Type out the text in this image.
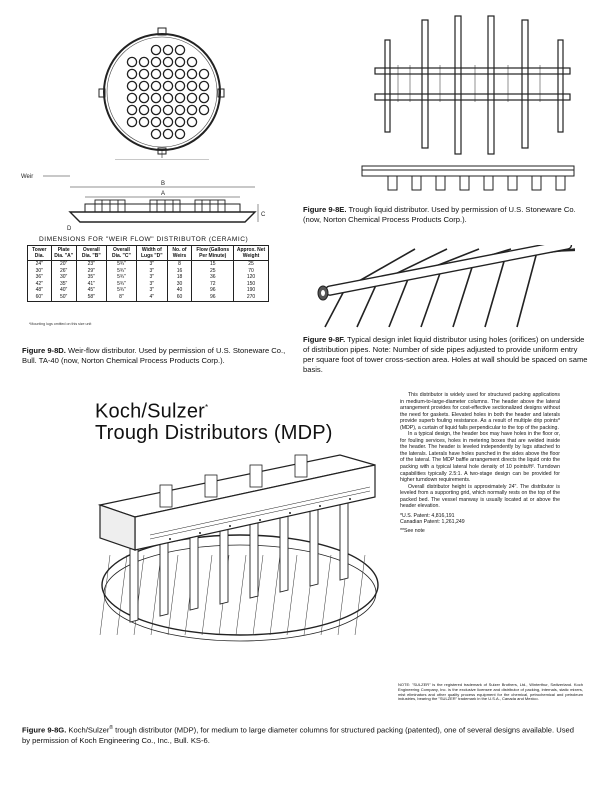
Weir
B
A
C
D
DIMENSIONS FOR "WEIR FLOW" DISTRIBUTOR (CERAMIC)
Tower Dia.	Plate Dia. "A"	Overall Dia. "B"	Overall Dia. "C"	Width of Lugs "D"	No. of Weirs	Flow (Gallons Per Minute)	Approx. Net Weight
24"	20"	23"	5¾"	3"	8	15	25
30"	26"	29"	5¾"	3"	16	25	70
36"	30"	35"	5¾"	3"	18	36	120
42"	35"	41"	5¾"	3"	30	72	150
48"	40"	45"	5¾"	3"	40	96	190
60"	50"	58"	8"	4"	60	96	270
*Mounting lugs omitted on this size unit
Figure 9-8D. Weir-flow distributor. Used by permission of U.S. Stoneware Co., Bull. TA-40 (now, Norton Chemical Process Products Corp.).
Figure 9-8E. Trough liquid distributor. Used by permission of U.S. Stoneware Co. (now, Norton Chemical Process Products Corp.).
Figure 9-8F. Typical design inlet liquid distributor using holes (orifices) on underside of distribution pipes. Note: Number of side pipes adjusted to provide uniform entry per square foot of tower cross-section area. Holes at wall should be spaced on same basis.
Koch/Sulzer*
Trough Distributors (MDP)
This distributor is widely used for structured packing applications in medium-to-large-diameter columns. The header above the lateral arrangement provides for cost-effective sectionalized designs without the need for gaskets. Elevated holes in both the header and laterals provide superb fouling resistance. As a result of multiple drip points* (MDP), a curtain of liquid falls perpendicular to the top of the packing.
In a typical design, the header box may have holes in the floor or, for fouling services, holes in metering boxes that are welded inside the header. The header is leveled independently by lugs attached to the laterals. Laterals have holes punched in the sides above the floor of the lateral. The MDP baffle arrangement directs the liquid onto the packing with a typical lateral hole density of 10 points/ft². Turndown capabilities typically 2.5:1. A two-stage design can be provided for higher turndown requirements.
Overall distributor height is approximately 24". The distributor is leveled from a supporting grid, which normally rests on the top of the packed bed. The vessel manway is usually located at or above the header elevation.
*U.S. Patent: 4,816,191
Canadian Patent: 1,261,249
**See note
NOTE: "SULZER" is the registered trademark of Sulzer Brothers, Ltd., Winterthur, Switzerland. Koch Engineering Company, Inc. is the exclusive licensee and distributor of packing, internals, static mixers, mist eliminators and other quality process equipment for the chemical, petrochemical and petroleum industries, bearing the "SULZER" trademark in the U.S.A., Canada and Mexico.
Figure 9-8G. Koch/Sulzer® trough distributor (MDP), for medium to large diameter columns for structured packing (patented), one of several designs available. Used by permission of Koch Engineering Co., Inc., Bull. KS-6.
